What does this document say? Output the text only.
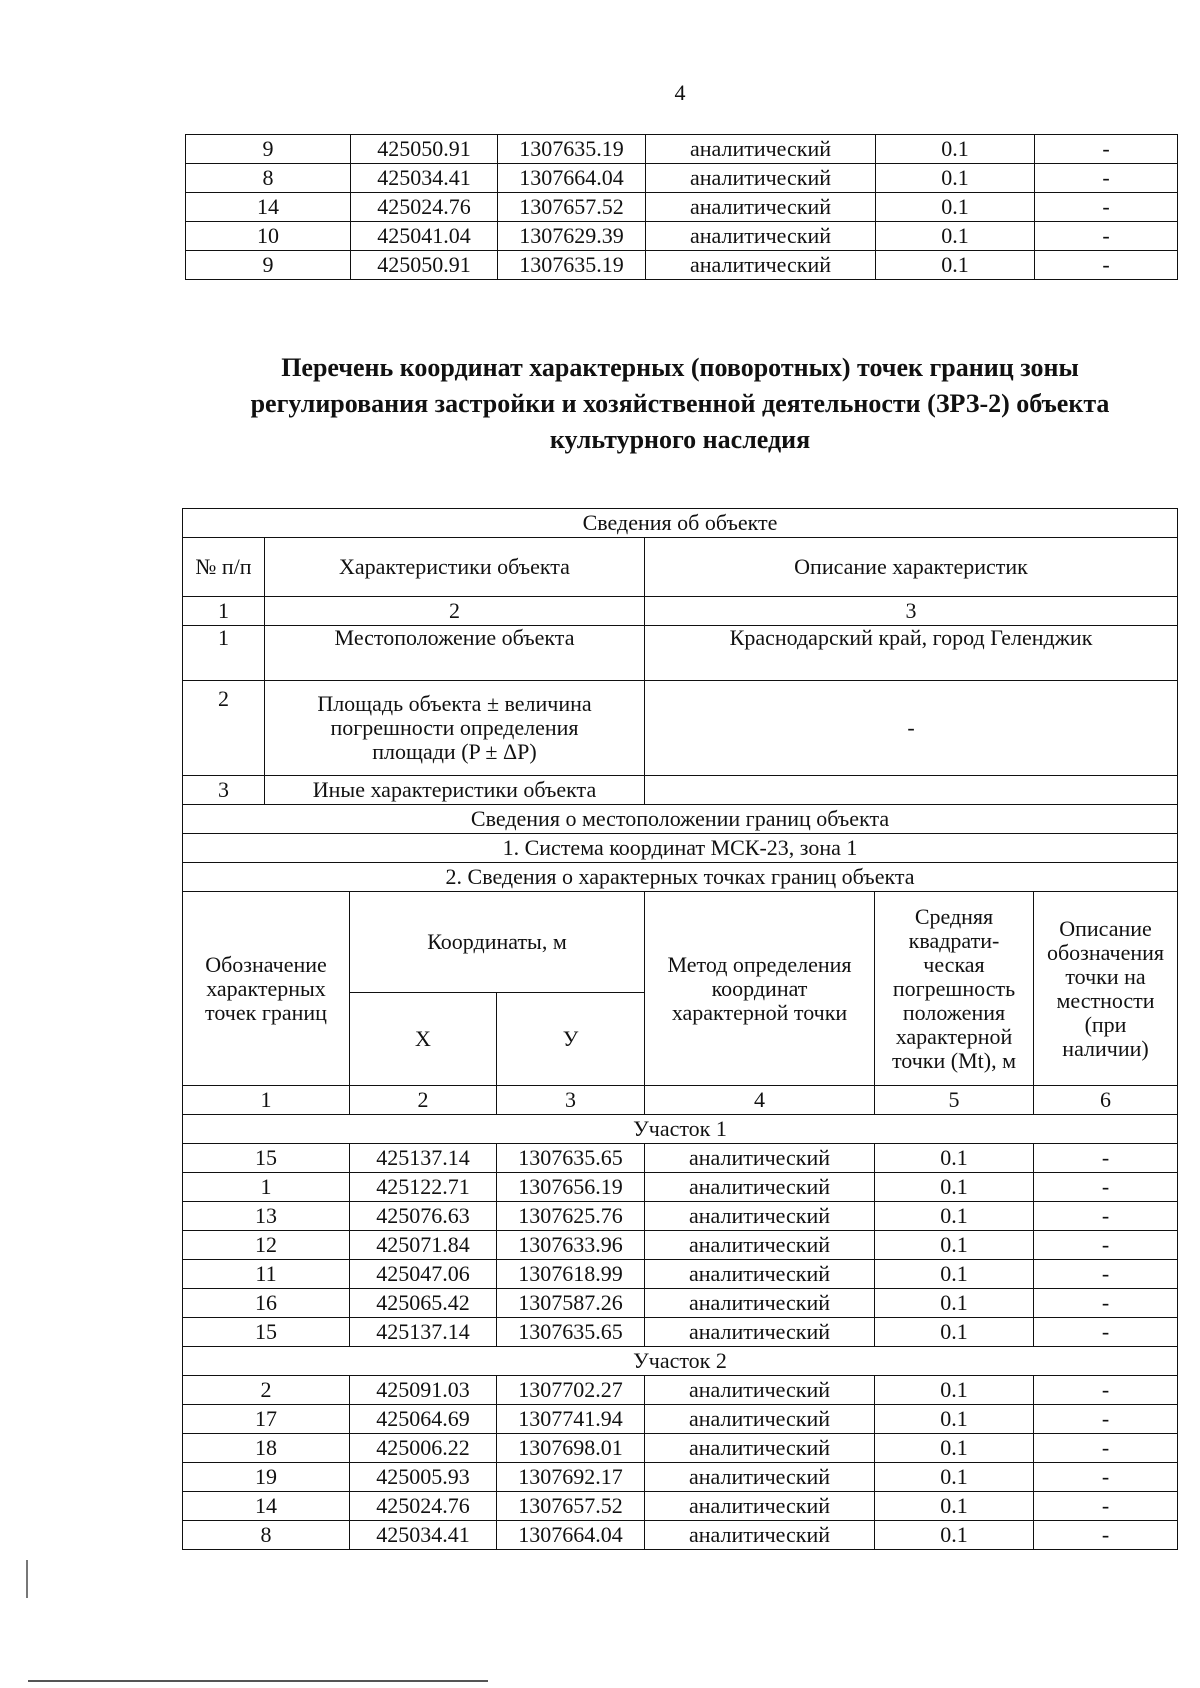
4
9	425050.91	1307635.19	аналитический	0.1	-
8	425034.41	1307664.04	аналитический	0.1	-
14	425024.76	1307657.52	аналитический	0.1	-
10	425041.04	1307629.39	аналитический	0.1	-
9	425050.91	1307635.19	аналитический	0.1	-
Перечень координат характерных (поворотных) точек границ зоны
регулирования застройки и хозяйственной деятельности (ЗРЗ-2) объекта
культурного наследия
Сведения об объекте						
№ п/п	Характеристики объекта			Описание характеристик		
1	2			3		
1	Местоположение объекта			Краснодарский край, город Геленджик		
2	Площадь объекта ± величина погрешности определения площади (P ± ΔP)			-		
3	Иные характеристики объекта					
Сведения о местоположении границ объекта						
1. Система координат МСК-23, зона 1						
2. Сведения о характерных точках границ объекта						
Обозначение характерных точек границ		Координаты, м		Метод определения координат характерной точки	Средняя квадрати-ческая погрешность положения характерной точки (Mt), м	Описание обозначения точки на местности (при наличии)
		X	У			
1		2	3	4	5	6
Участок 1						
15		425137.14	1307635.65	аналитический	0.1	-
1		425122.71	1307656.19	аналитический	0.1	-
13		425076.63	1307625.76	аналитический	0.1	-
12		425071.84	1307633.96	аналитический	0.1	-
11		425047.06	1307618.99	аналитический	0.1	-
16		425065.42	1307587.26	аналитический	0.1	-
15		425137.14	1307635.65	аналитический	0.1	-
Участок 2						
2		425091.03	1307702.27	аналитический	0.1	-
17		425064.69	1307741.94	аналитический	0.1	-
18		425006.22	1307698.01	аналитический	0.1	-
19		425005.93	1307692.17	аналитический	0.1	-
14		425024.76	1307657.52	аналитический	0.1	-
8		425034.41	1307664.04	аналитический	0.1	-
